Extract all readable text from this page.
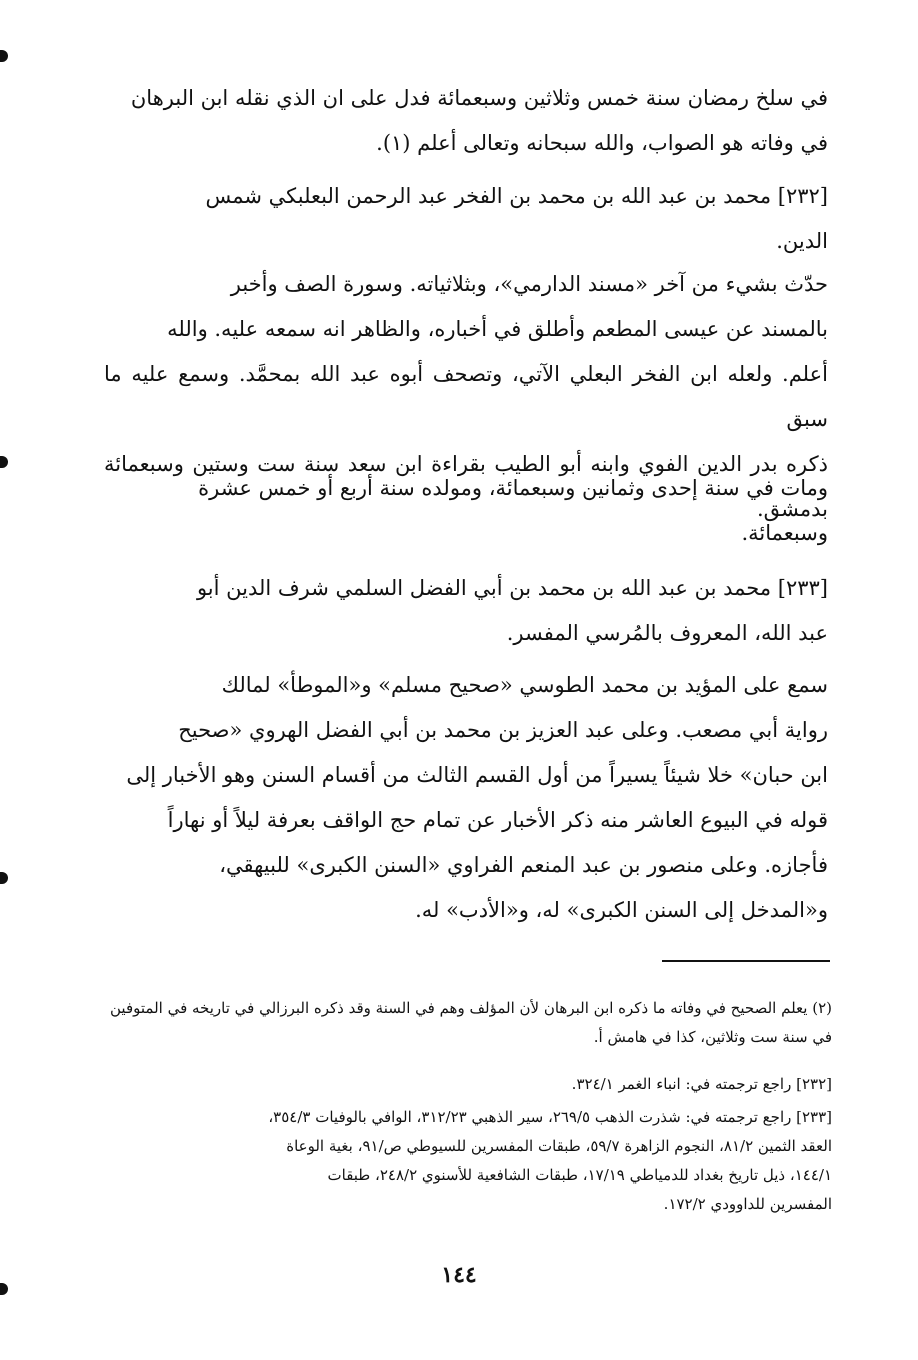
في سلخ رمضان سنة خمس وثلاثين وسبعمائة فدل على ان الذي نقله ابن البرهان
في وفاته هو الصواب، والله سبحانه وتعالى أعلم (١).
[٢٣٢] محمد بن عبد الله بن محمد بن الفخر عبد الرحمن البعلبكي شمس
الدين.
حدّث بشيء من آخر «مسند الدارمي»، وبثلاثياته. وسورة الصف وأخبر
بالمسند عن عيسى المطعم وأطلق في أخباره، والظاهر انه سمعه عليه. والله
أعلم. ولعله ابن الفخر البعلي الآتي، وتصحف أبوه عبد الله بمحمَّد. وسمع عليه ما سبق
ذكره بدر الدين الفوي وابنه أبو الطيب بقراءة ابن سعد سنة ست وستين وسبعمائة بدمشق.
ومات في سنة إحدى وثمانين وسبعمائة، ومولده سنة أربع أو خمس عشرة
وسبعمائة.
[٢٣٣] محمد بن عبد الله بن محمد بن أبي الفضل السلمي شرف الدين أبو
عبد الله، المعروف بالمُرسي المفسر.
سمع على المؤيد بن محمد الطوسي «صحيح مسلم» و«الموطأ» لمالك
رواية أبي مصعب. وعلى عبد العزيز بن محمد بن أبي الفضل الهروي «صحيح
ابن حبان» خلا شيئاً يسيراً من أول القسم الثالث من أقسام السنن وهو الأخبار إلى
قوله في البيوع العاشر منه ذكر الأخبار عن تمام حج الواقف بعرفة ليلاً أو نهاراً
فأجازه. وعلى منصور بن عبد المنعم الفراوي «السنن الكبرى» للبيهقي،
و«المدخل إلى السنن الكبرى» له، و«الأدب» له.
(٢) يعلم الصحيح في وفاته ما ذكره ابن البرهان لأن المؤلف وهم في السنة وقد ذكره البرزالي في تاريخه في المتوفين
في سنة ست وثلاثين، كذا في هامش أ.
[٢٣٢] راجع ترجمته في: انباء الغمر ٣٢٤/١.
[٢٣٣] راجع ترجمته في: شذرت الذهب ٢٦٩/٥، سير الذهبي ٣١٢/٢٣، الوافي بالوفيات ٣٥٤/٣،
العقد الثمين ٨١/٢، النجوم الزاهرة ٥٩/٧، طبقات المفسرين للسيوطي ص/٩١، بغية الوعاة
١٤٤/١، ذيل تاريخ بغداد للدمياطي ١٧/١٩، طبقات الشافعية للأسنوي ٢٤٨/٢، طبقات
المفسرين للداوودي ١٧٢/٢.
١٤٤
